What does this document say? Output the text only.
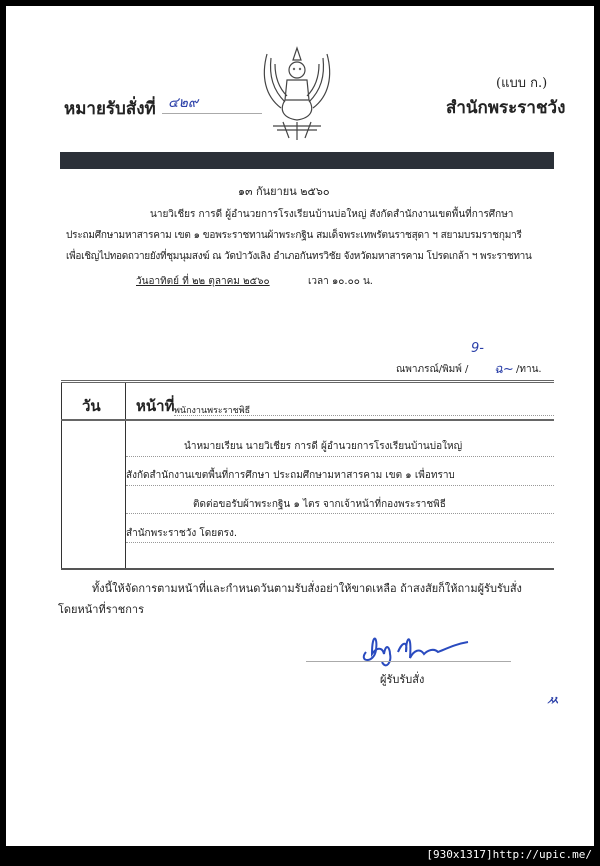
หมายรับสั่งที่ ๔๒๙
(แบบ ก.)
สำนักพระราชวัง
๑๓ กันยายน ๒๕๖๐
นายวิเชียร การดี ผู้อำนวยการโรงเรียนบ้านบ่อใหญ่ สังกัดสำนักงานเขตพื้นที่การศึกษา
ประถมศึกษามหาสารคาม เขต ๑ ขอพระราชทานผ้าพระกฐิน สมเด็จพระเทพรัตนราชสุดา ฯ สยามบรมราชกุมารี
เพื่อเชิญไปทอดถวายยังที่ชุมนุมสงฆ์ ณ วัดป่าวังเลิง อำเภอกันทรวิชัย จังหวัดมหาสารคาม โปรดเกล้า ฯ พระราชทาน
วันอาทิตย์ ที่ ๒๒ ตุลาคม ๒๕๖๐	เวลา ๑๐.๐๐ น.
9-
ณพาภรณ์/พิมพ์ / ฉ~ /ทาน.
วัน หน้าที่ พนักงานพระราชพิธี
นำหมายเรียน นายวิเชียร การดี ผู้อำนวยการโรงเรียนบ้านบ่อใหญ่
สังกัดสำนักงานเขตพื้นที่การศึกษา ประถมศึกษามหาสารคาม เขต ๑ เพื่อทราบ
ติดต่อขอรับผ้าพระกฐิน ๑ ไตร จากเจ้าหน้าที่กองพระราชพิธี
สำนักพระราชวัง โดยตรง.
ทั้งนี้ให้จัดการตามหน้าที่และกำหนดวันตามรับสั่งอย่าให้ขาดเหลือ ถ้าสงสัยก็ให้ถามผู้รับรับสั่ง
โดยหน้าที่ราชการ
ผู้รับรับสั่ง
ㅆ
[930x1317]http://upic.me/
